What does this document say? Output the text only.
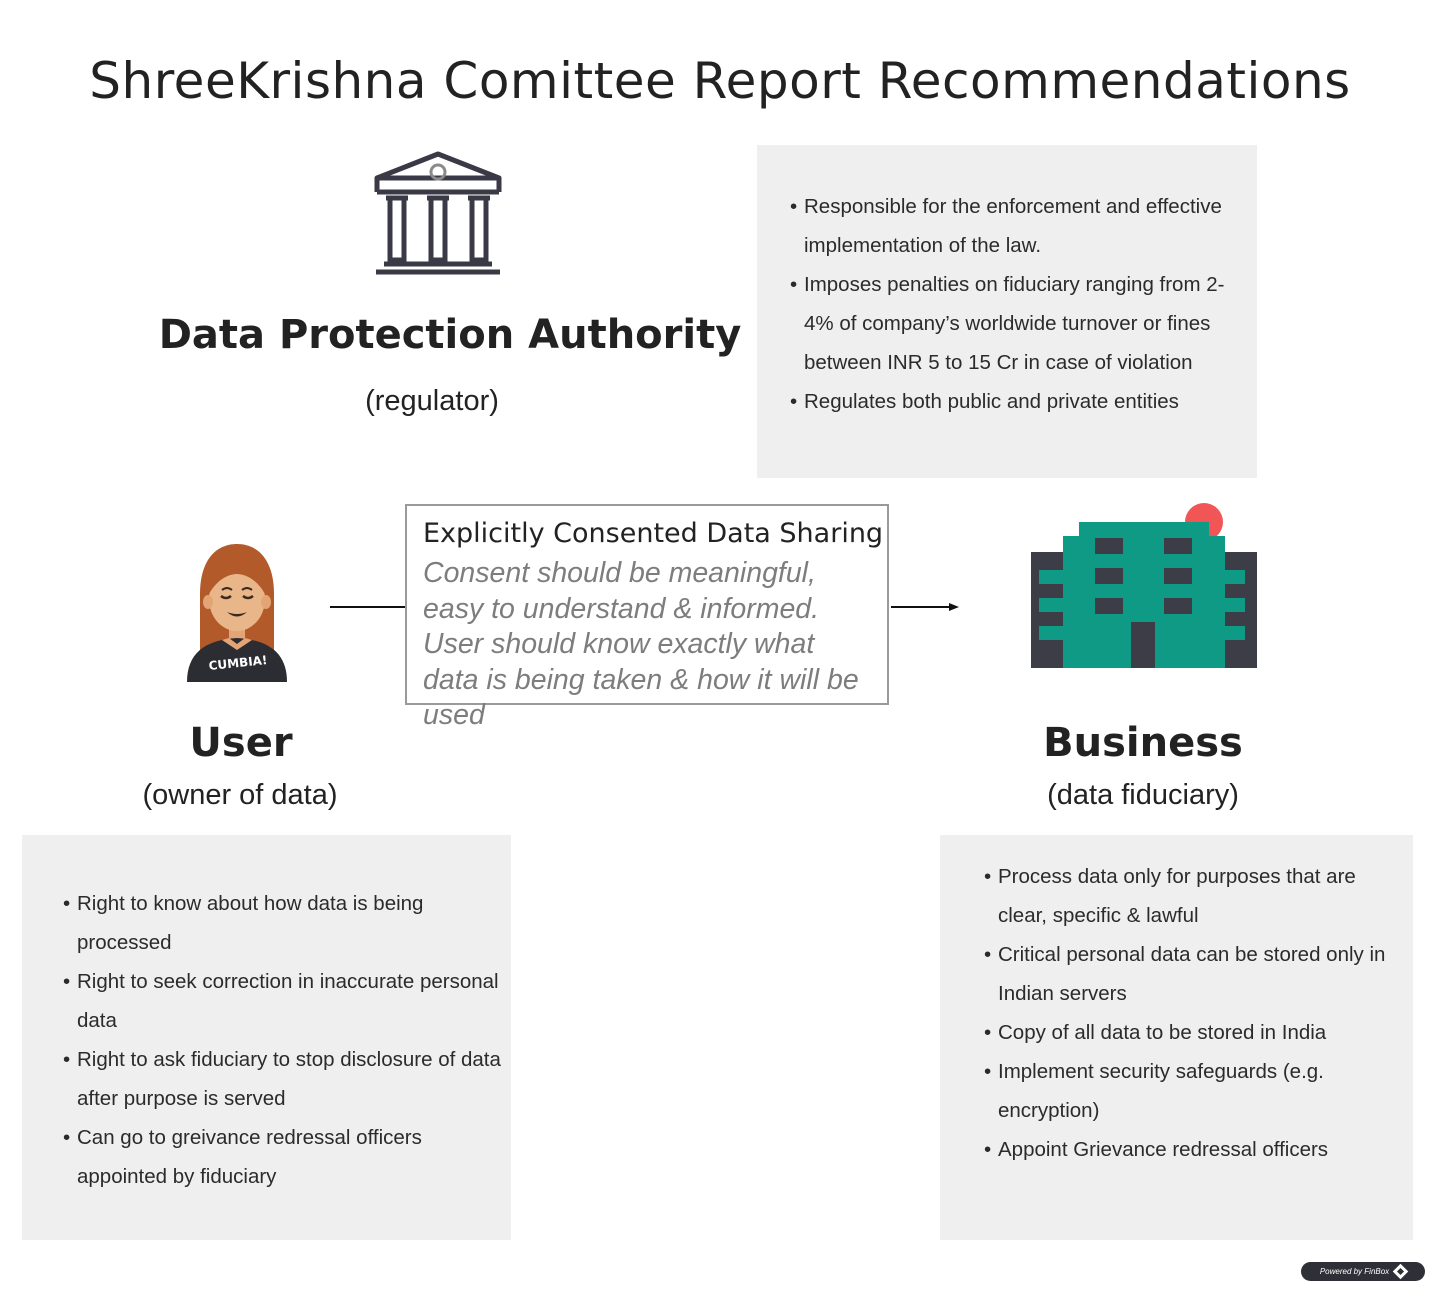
ShreeKrishna Comittee Report Recommendations
Data Protection Authority
(regulator)
• Responsible for the enforcement and effective implementation of the law.
• Imposes penalties on fiduciary ranging from 2-4% of company’s worldwide turnover or fines between INR 5 to 15 Cr in case of violation
• Regulates both public and private entities
CUMBIA!
Explicitly Consented Data Sharing
Consent should be meaningful, easy to understand & informed. User should know exactly what data is being taken & how it will be used
User
(owner of data)
Business
(data fiduciary)
• Right to know about how data is being processed
• Right to seek correction in inaccurate personal data
• Right to ask fiduciary to stop disclosure of data after purpose is served
• Can go to greivance redressal officers appointed by fiduciary
• Process data only for purposes that are clear, specific & lawful
• Critical personal data can be stored only in Indian servers
• Copy of all data to be stored in India
• Implement security safeguards (e.g. encryption)
• Appoint Grievance redressal officers
Powered by FinBox
